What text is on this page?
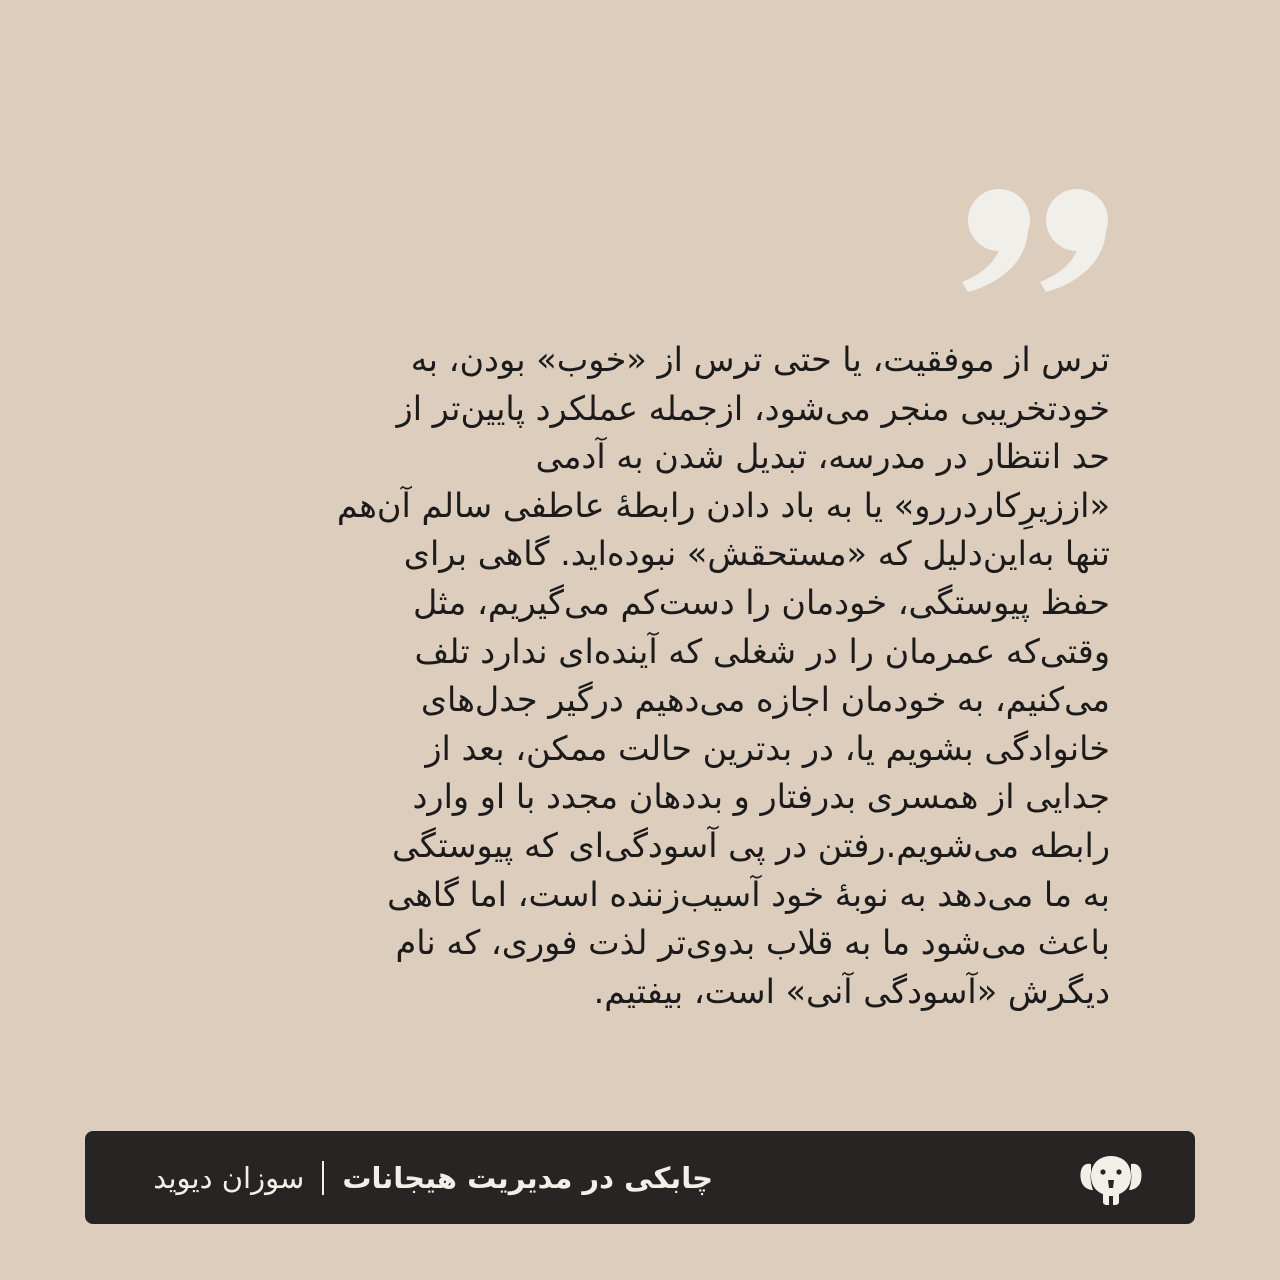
ترس از موفقیت، یا حتی ترس از «خوب» بودن، به
خودتخریبی منجر می‌شود، ازجمله عملکرد پایین‌تر از
حد انتظار در مدرسه، تبدیل شدن به آدمی
«اززیرِکاردررو» یا به باد دادن رابطهٔ عاطفی سالم آن‌هم
تنها به‌این‌دلیل که «مستحقش» نبوده‌اید. گاهی برای
حفظ پیوستگی، خودمان را دست‌کم می‌گیریم، مثل
وقتی‌که عمرمان را در شغلی که آینده‌ای ندارد تلف
می‌کنیم، به خودمان اجازه می‌دهیم درگیر جدل‌های
خانوادگی بشویم یا، در بدترین حالت ممکن، بعد از
جدایی از همسری بدرفتار و بددهان مجدد با او وارد
رابطه می‌شویم.رفتن در پی آسودگی‌ای که پیوستگی
به ما می‌دهد به نوبهٔ خود آسیب‌زننده است، اما گاهی
باعث می‌شود ما به قلاب بدوی‌تر لذت فوری، که نام
دیگرش «آسودگی آنی» است، بیفتیم.
چابکی در مدیریت هیجانات
سوزان دیوید
